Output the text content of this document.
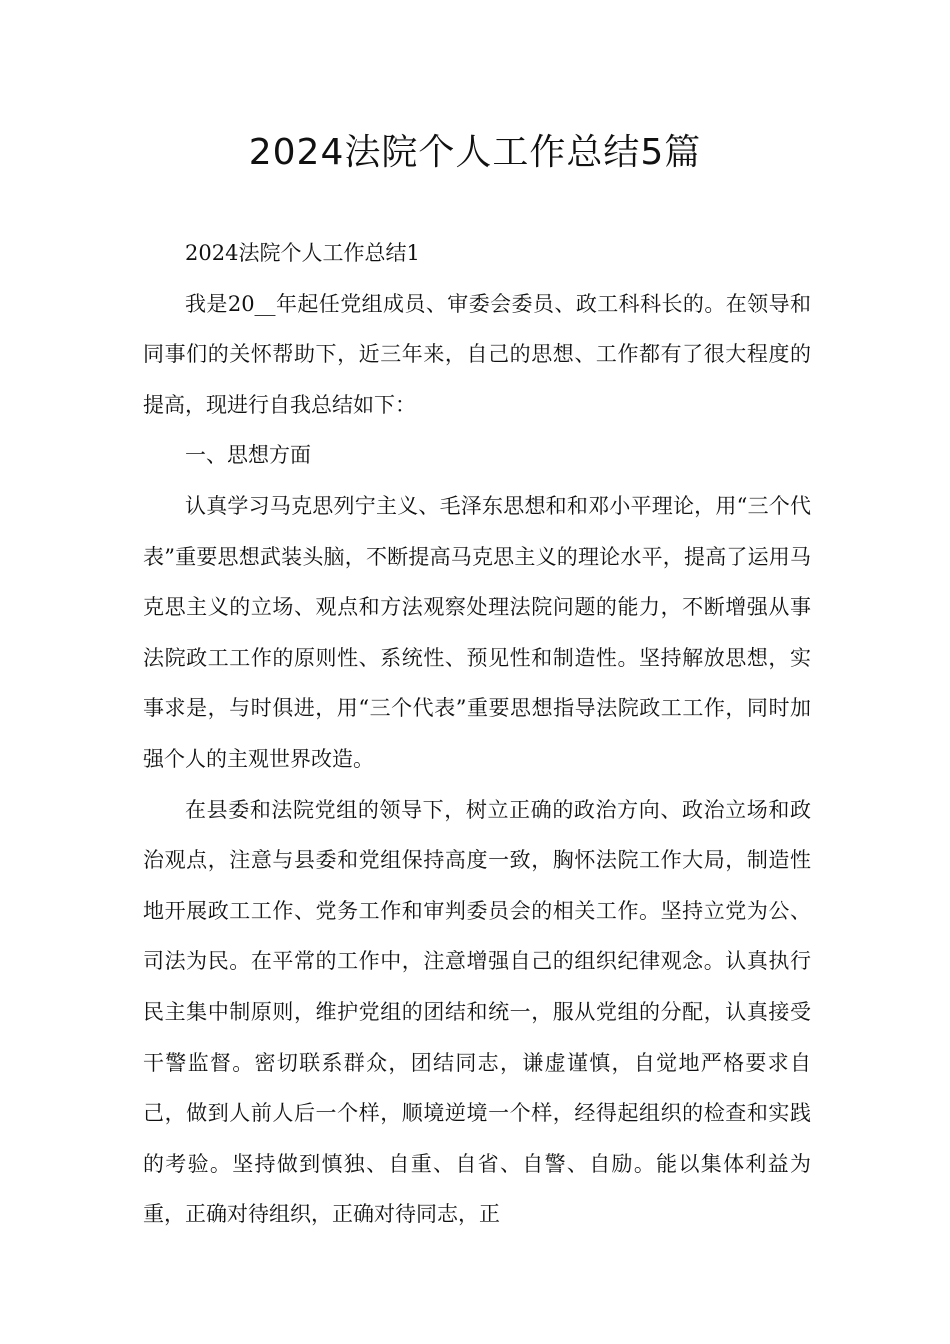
2024法院个人工作总结5篇

2024法院个人工作总结1

我是20__年起任党组成员、审委会委员、政工科科长的。在领导和同事们的关怀帮助下，近三年来，自己的思想、工作都有了很大程度的提高，现进行自我总结如下：

一、思想方面

认真学习马克思列宁主义、毛泽东思想和和邓小平理论，用“三个代表”重要思想武装头脑，不断提高马克思主义的理论水平，提高了运用马克思主义的立场、观点和方法观察处理法院问题的能力，不断增强从事法院政工工作的原则性、系统性、预见性和制造性。坚持解放思想，实事求是，与时俱进，用“三个代表”重要思想指导法院政工工作，同时加强个人的主观世界改造。

在县委和法院党组的领导下，树立正确的政治方向、政治立场和政治观点，注意与县委和党组保持高度一致，胸怀法院工作大局，制造性地开展政工工作、党务工作和审判委员会的相关工作。坚持立党为公、司法为民。在平常的工作中，注意增强自己的组织纪律观念。认真执行民主集中制原则，维护党组的团结和统一，服从党组的分配，认真接受干警监督。密切联系群众，团结同志，谦虚谨慎，自觉地严格要求自己，做到人前人后一个样，顺境逆境一个样，经得起组织的检查和实践的考验。坚持做到慎独、自重、自省、自警、自励。能以集体利益为重，正确对待组织，正确对待同志，正
